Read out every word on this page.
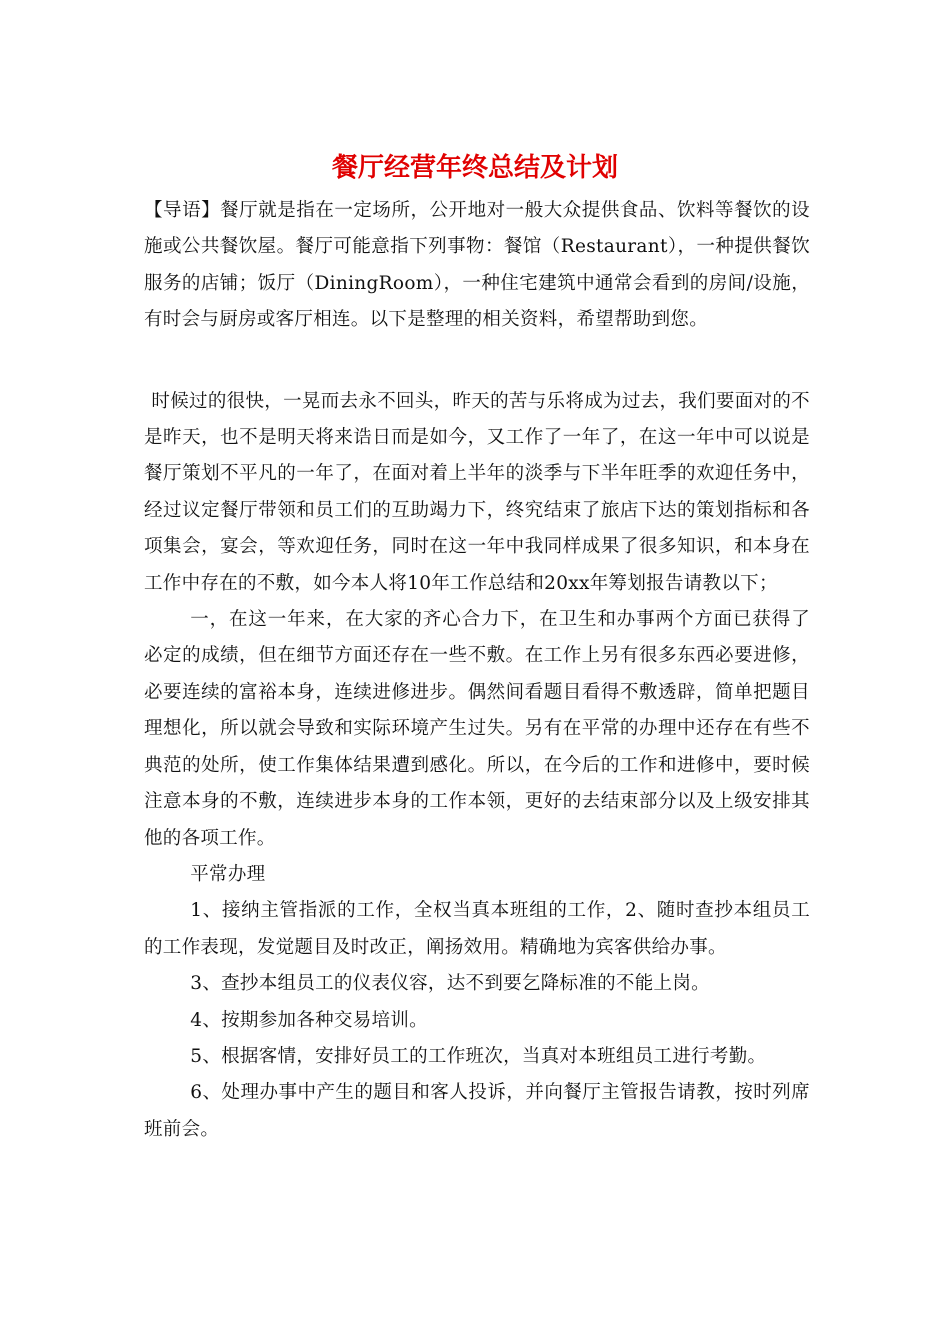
餐厅经营年终总结及计划

【导语】餐厅就是指在一定场所，公开地对一般大众提供食品、饮料等餐饮的设施或公共餐饮屋。餐厅可能意指下列事物：餐馆（Restaurant），一种提供餐饮服务的店铺；饭厅（DiningRoom），一种住宅建筑中通常会看到的房间/设施，有时会与厨房或客厅相连。以下是整理的相关资料，希望帮助到您。

时候过的很快，一晃而去永不回头，昨天的苦与乐将成为过去，我们要面对的不是昨天，也不是明天将来诰日而是如今，又工作了一年了，在这一年中可以说是餐厅策划不平凡的一年了，在面对着上半年的淡季与下半年旺季的欢迎任务中，经过议定餐厅带领和员工们的互助竭力下，终究结束了旅店下达的策划指标和各项集会，宴会，等欢迎任务，同时在这一年中我同样成果了很多知识，和本身在工作中存在的不敷，如今本人将10年工作总结和20xx年筹划报告请教以下；

一，在这一年来，在大家的齐心合力下，在卫生和办事两个方面已获得了必定的成绩，但在细节方面还存在一些不敷。在工作上另有很多东西必要进修，必要连续的富裕本身，连续进修进步。偶然间看题目看得不敷透辟，简单把题目理想化，所以就会导致和实际环境产生过失。另有在平常的办理中还存在有些不典范的处所，使工作集体结果遭到感化。所以，在今后的工作和进修中，要时候注意本身的不敷，连续进步本身的工作本领，更好的去结束部分以及上级安排其他的各项工作。

平常办理

1、接纳主管指派的工作，全权当真本班组的工作，2、随时查抄本组员工的工作表现，发觉题目及时改正，阐扬效用。精确地为宾客供给办事。

3、查抄本组员工的仪表仪容，达不到要乞降标准的不能上岗。

4、按期参加各种交易培训。

5、根据客情，安排好员工的工作班次，当真对本班组员工进行考勤。

6、处理办事中产生的题目和客人投诉，并向餐厅主管报告请教，按时列席班前会。
